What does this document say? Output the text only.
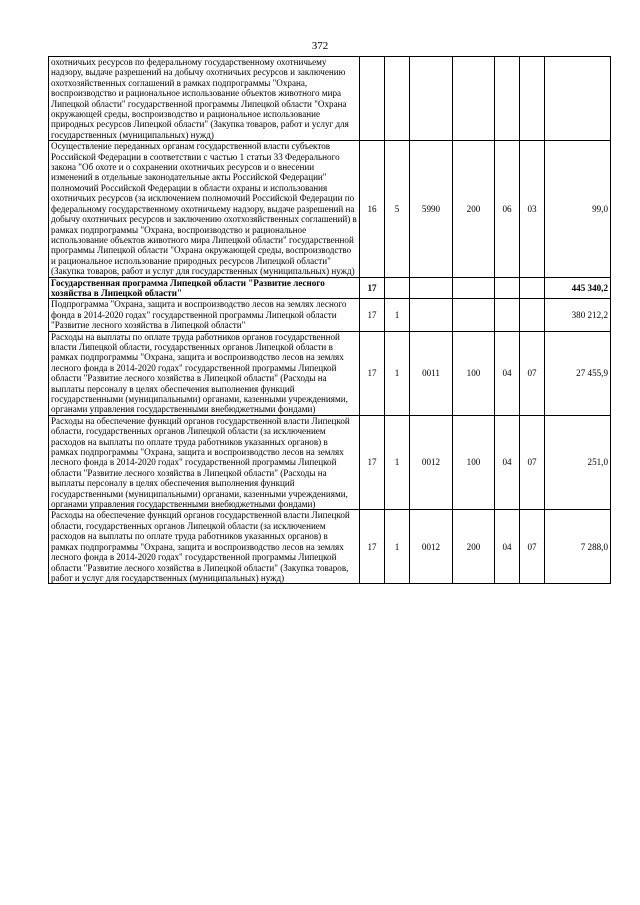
372
охотничьих ресурсов по федеральному государственному охотничьему надзору, выдаче разрешений на добычу охотничьих ресурсов и заключению охотхозяйственных соглашений в рамках подпрограммы "Охрана, воспроизводство и рациональное использование объектов животного мира Липецкой области" государственной программы Липецкой области "Охрана окружающей среды, воспроизводство и рациональное использование природных ресурсов Липецкой области" (Закупка товаров, работ и услуг для государственных (муниципальных) нужд)							
Осуществление переданных органам государственной власти субъектов Российской Федерации в соответствии с частью 1 статьи 33 Федерального закона "Об охоте и о сохранении охотничьих ресурсов и о внесении изменений в отдельные законодательные акты Российской Федерации" полномочий Российской Федерации в области охраны и использования охотничьих ресурсов (за исключением полномочий Российской Федерации по федеральному государственному охотничьему надзору, выдаче разрешений на добычу охотничьих ресурсов и заключению охотхозяйственных соглашений) в рамках подпрограммы "Охрана, воспроизводство и рациональное использование объектов животного мира Липецкой области" государственной программы Липецкой области "Охрана окружающей среды, воспроизводство и рациональное использование природных ресурсов Липецкой области" (Закупка товаров, работ и услуг для государственных (муниципальных) нужд)	16	5	5990	200	06	03	99,0
Государственная программа Липецкой области "Развитие лесного хозяйства в Липецкой области"	17						445 340,2
Подпрограмма "Охрана, защита и воспроизводство лесов на землях лесного фонда в 2014-2020 годах" государственной программы Липецкой области "Развитие лесного хозяйства в Липецкой области"	17	1					380 212,2
Расходы на выплаты по оплате труда работников органов государственной власти Липецкой области, государственных органов Липецкой области в рамках подпрограммы "Охрана, защита и воспроизводство лесов на землях лесного фонда в 2014-2020 годах" государственной программы Липецкой области "Развитие лесного хозяйства в Липецкой области" (Расходы на выплаты персоналу в целях обеспечения выполнения функций государственными (муниципальными) органами, казенными учреждениями, органами управления государственными внебюджетными фондами)	17	1	0011	100	04	07	27 455,9
Расходы на обеспечение функций органов государственной власти Липецкой области, государственных органов Липецкой области (за исключением расходов на выплаты по оплате труда работников указанных органов) в рамках подпрограммы "Охрана, защита и воспроизводство лесов на землях лесного фонда в 2014-2020 годах" государственной программы Липецкой области "Развитие лесного хозяйства в Липецкой области" (Расходы на выплаты персоналу в целях обеспечения выполнения функций государственными (муниципальными) органами, казенными учреждениями, органами управления государственными внебюджетными фондами)	17	1	0012	100	04	07	251,0
Расходы на обеспечение функций органов государственной власти Липецкой области, государственных органов Липецкой области (за исключением расходов на выплаты по оплате труда работников указанных органов) в рамках подпрограммы "Охрана, защита и воспроизводство лесов на землях лесного фонда в 2014-2020 годах" государственной программы Липецкой области "Развитие лесного хозяйства в Липецкой области" (Закупка товаров, работ и услуг для государственных (муниципальных) нужд)	17	1	0012	200	04	07	7 288,0
